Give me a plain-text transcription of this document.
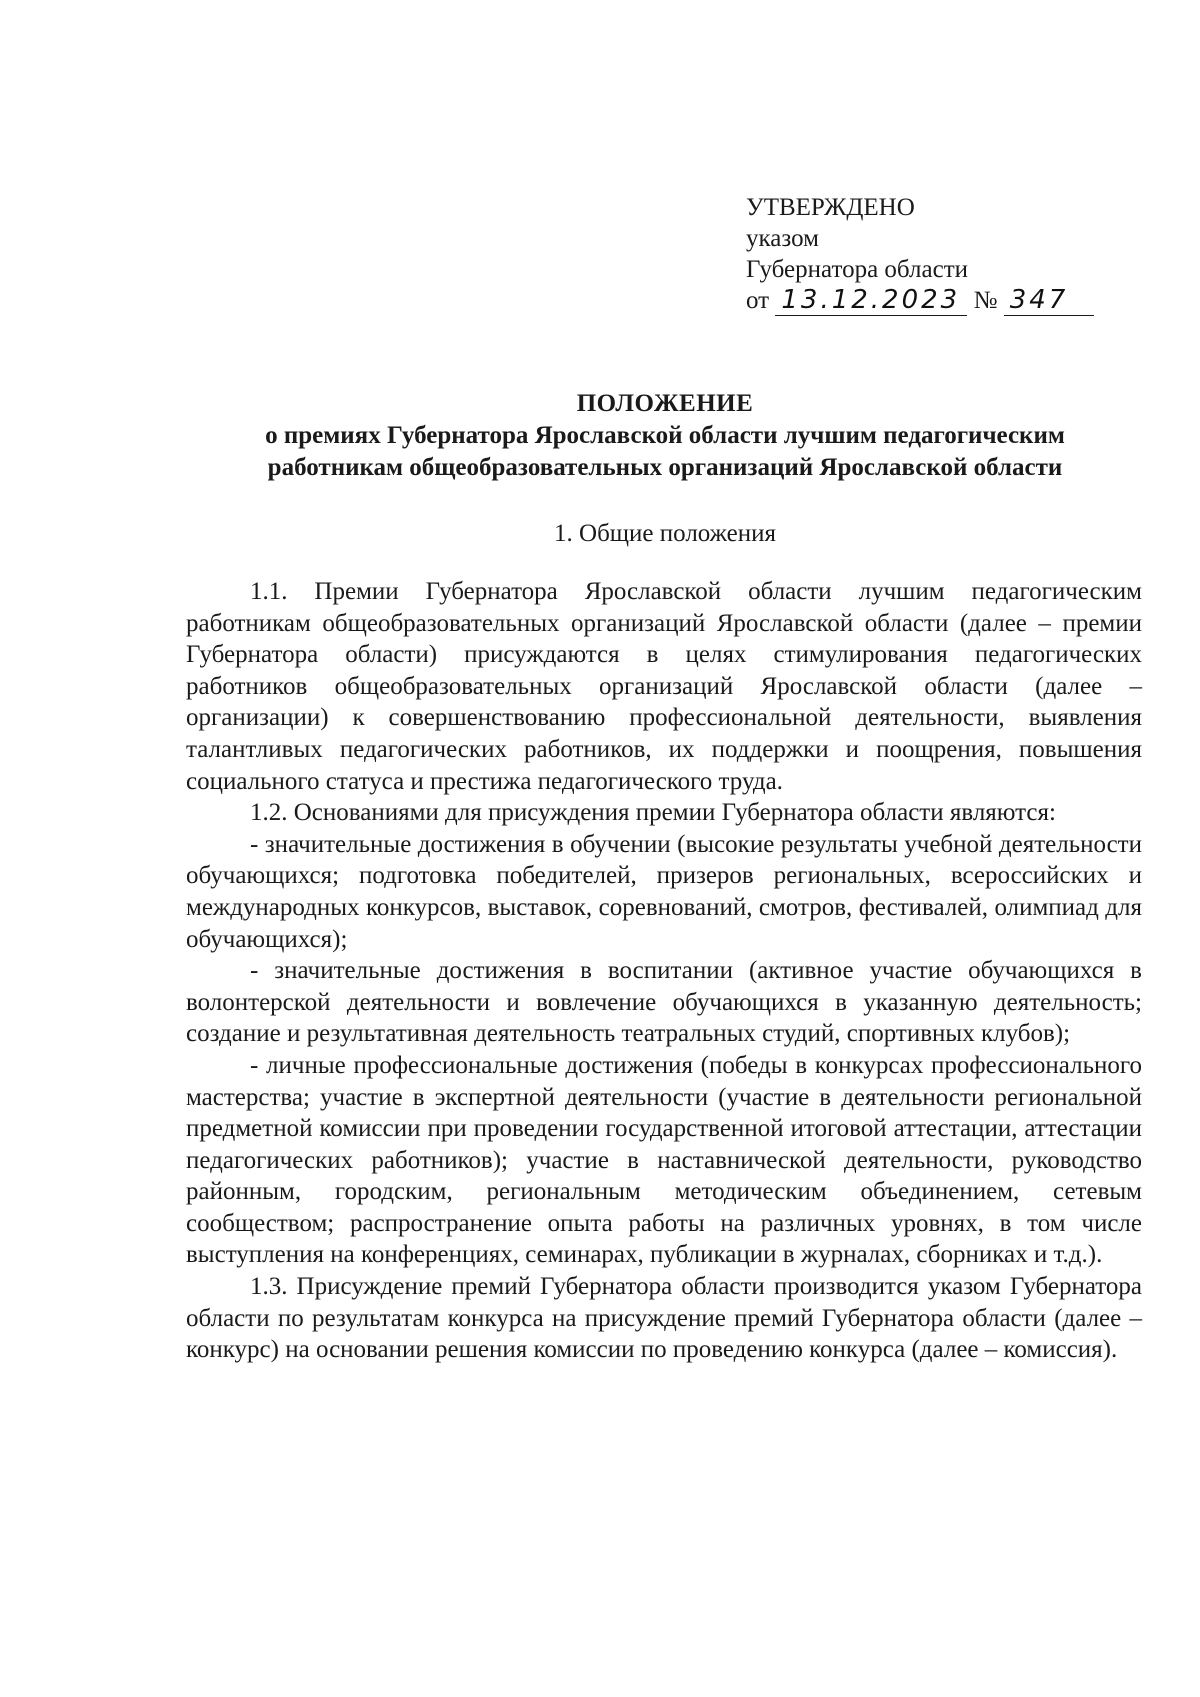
УТВЕРЖДЕНО
указом
Губернатора области
от 13.12.2023 № 347
ПОЛОЖЕНИЕ
о премиях Губернатора Ярославской области лучшим педагогическим
работникам общеобразовательных организаций Ярославской области
1. Общие положения

1.1. Премии Губернатора Ярославской области лучшим педагогическим работникам общеобразовательных организаций Ярославской области (далее – премии Губернатора области) присуждаются в целях стимулирования педагогических работников общеобразовательных организаций Ярославской области (далее – организации) к совершенствованию профессиональной деятельности, выявления талантливых педагогических работников, их поддержки и поощрения, повышения социального статуса и престижа педагогического труда.

1.2. Основаниями для присуждения премии Губернатора области являются:

- значительные достижения в обучении (высокие результаты учебной деятельности обучающихся; подготовка победителей, призеров региональных, всероссийских и международных конкурсов, выставок, соревнований, смотров, фестивалей, олимпиад для обучающихся);

- значительные достижения в воспитании (активное участие обучающихся в волонтерской деятельности и вовлечение обучающихся в указанную деятельность; создание и результативная деятельность театральных студий, спортивных клубов);

- личные профессиональные достижения (победы в конкурсах профессионального мастерства; участие в экспертной деятельности (участие в деятельности региональной предметной комиссии при проведении государственной итоговой аттестации, аттестации педагогических работников); участие в наставнической деятельности, руководство районным, городским, региональным методическим объединением, сетевым сообществом; распространение опыта работы на различных уровнях, в том числе выступления на конференциях, семинарах, публикации в журналах, сборниках и т.д.).

1.3. Присуждение премий Губернатора области производится указом Губернатора области по результатам конкурса на присуждение премий Губернатора области (далее – конкурс) на основании решения комиссии по проведению конкурса (далее – комиссия).
